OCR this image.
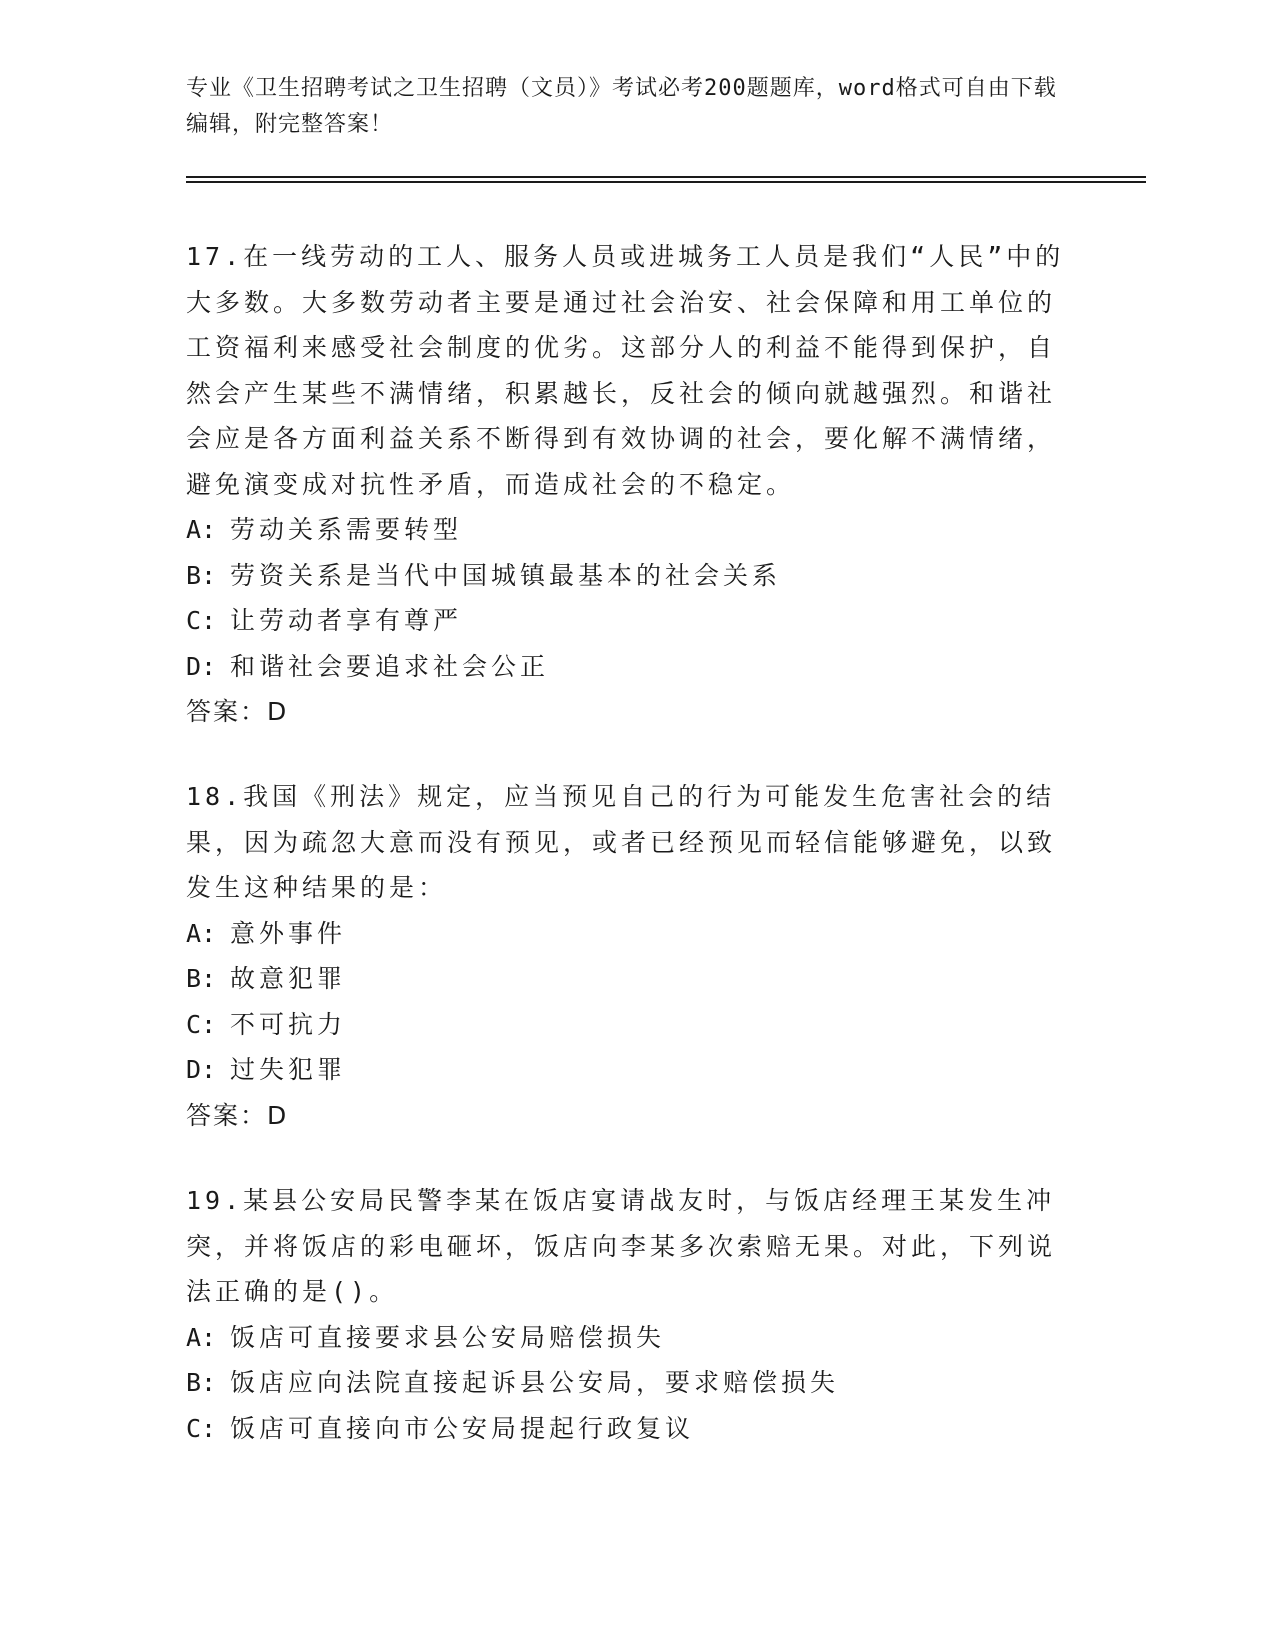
专业《卫生招聘考试之卫生招聘（文员）》考试必考200题题库，word格式可自由下载编辑，附完整答案！

17.在一线劳动的工人、服务人员或进城务工人员是我们“人民”中的大多数。大多数劳动者主要是通过社会治安、社会保障和用工单位的工资福利来感受社会制度的优劣。这部分人的利益不能得到保护，自然会产生某些不满情绪，积累越长，反社会的倾向就越强烈。和谐社会应是各方面利益关系不断得到有效协调的社会，要化解不满情绪，避免演变成对抗性矛盾，而造成社会的不稳定。

A: 劳动关系需要转型
B: 劳资关系是当代中国城镇最基本的社会关系
C: 让劳动者享有尊严
D: 和谐社会要追求社会公正
答案：D

18.我国《刑法》规定，应当预见自己的行为可能发生危害社会的结果，因为疏忽大意而没有预见，或者已经预见而轻信能够避免，以致发生这种结果的是：

A: 意外事件
B: 故意犯罪
C: 不可抗力
D: 过失犯罪
答案：D

19.某县公安局民警李某在饭店宴请战友时，与饭店经理王某发生冲突，并将饭店的彩电砸坏，饭店向李某多次索赔无果。对此，下列说法正确的是()。

A: 饭店可直接要求县公安局赔偿损失
B: 饭店应向法院直接起诉县公安局，要求赔偿损失
C: 饭店可直接向市公安局提起行政复议
